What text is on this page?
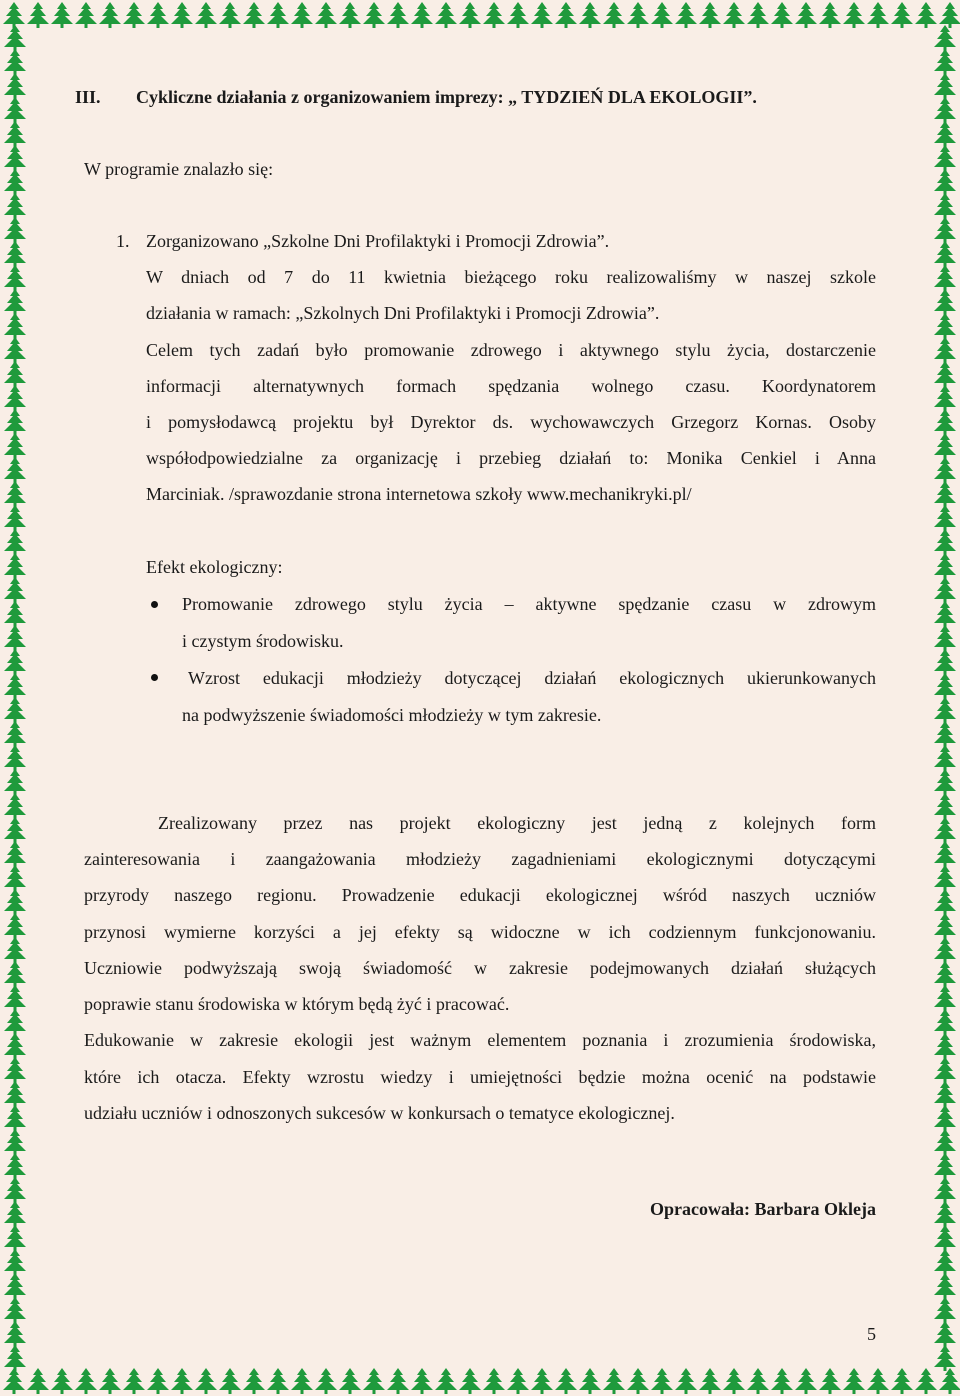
III. Cykliczne działania z organizowaniem imprezy: „ TYDZIEŃ DLA EKOLOGII”.
W programie znalazło się:
1. Zorganizowano „Szkolne Dni Profilaktyki i Promocji Zdrowia”.
W dniach od 7 do 11 kwietnia bieżącego roku realizowaliśmy w naszej szkole
działania w ramach: „Szkolnych Dni Profilaktyki i Promocji Zdrowia”.
Celem tych zadań było promowanie zdrowego i aktywnego stylu życia, dostarczenie
informacji alternatywnych formach spędzania wolnego czasu. Koordynatorem
i pomysłodawcą projektu był Dyrektor ds. wychowawczych Grzegorz Kornas. Osoby
współodpowiedzialne za organizację i przebieg działań to: Monika Cenkiel i Anna
Marciniak. /sprawozdanie strona internetowa szkoły www.mechanikryki.pl/
Efekt ekologiczny:
Promowanie zdrowego stylu życia – aktywne spędzanie czasu w zdrowym
i czystym środowisku.
Wzrost edukacji młodzieży dotyczącej działań ekologicznych ukierunkowanych
na podwyższenie świadomości młodzieży w tym zakresie.
Zrealizowany przez nas projekt ekologiczny jest jedną z kolejnych form
zainteresowania i zaangażowania młodzieży zagadnieniami ekologicznymi dotyczącymi
przyrody naszego regionu. Prowadzenie edukacji ekologicznej wśród naszych uczniów
przynosi wymierne korzyści a jej efekty są widoczne w ich codziennym funkcjonowaniu.
Uczniowie podwyższają swoją świadomość w zakresie podejmowanych działań służących
poprawie stanu środowiska w którym będą żyć i pracować.
Edukowanie w zakresie ekologii jest ważnym elementem poznania i zrozumienia środowiska,
które ich otacza. Efekty wzrostu wiedzy i umiejętności będzie można ocenić na podstawie
udziału uczniów i odnoszonych sukcesów w konkursach o tematyce ekologicznej.
Opracowała: Barbara Okleja
5
